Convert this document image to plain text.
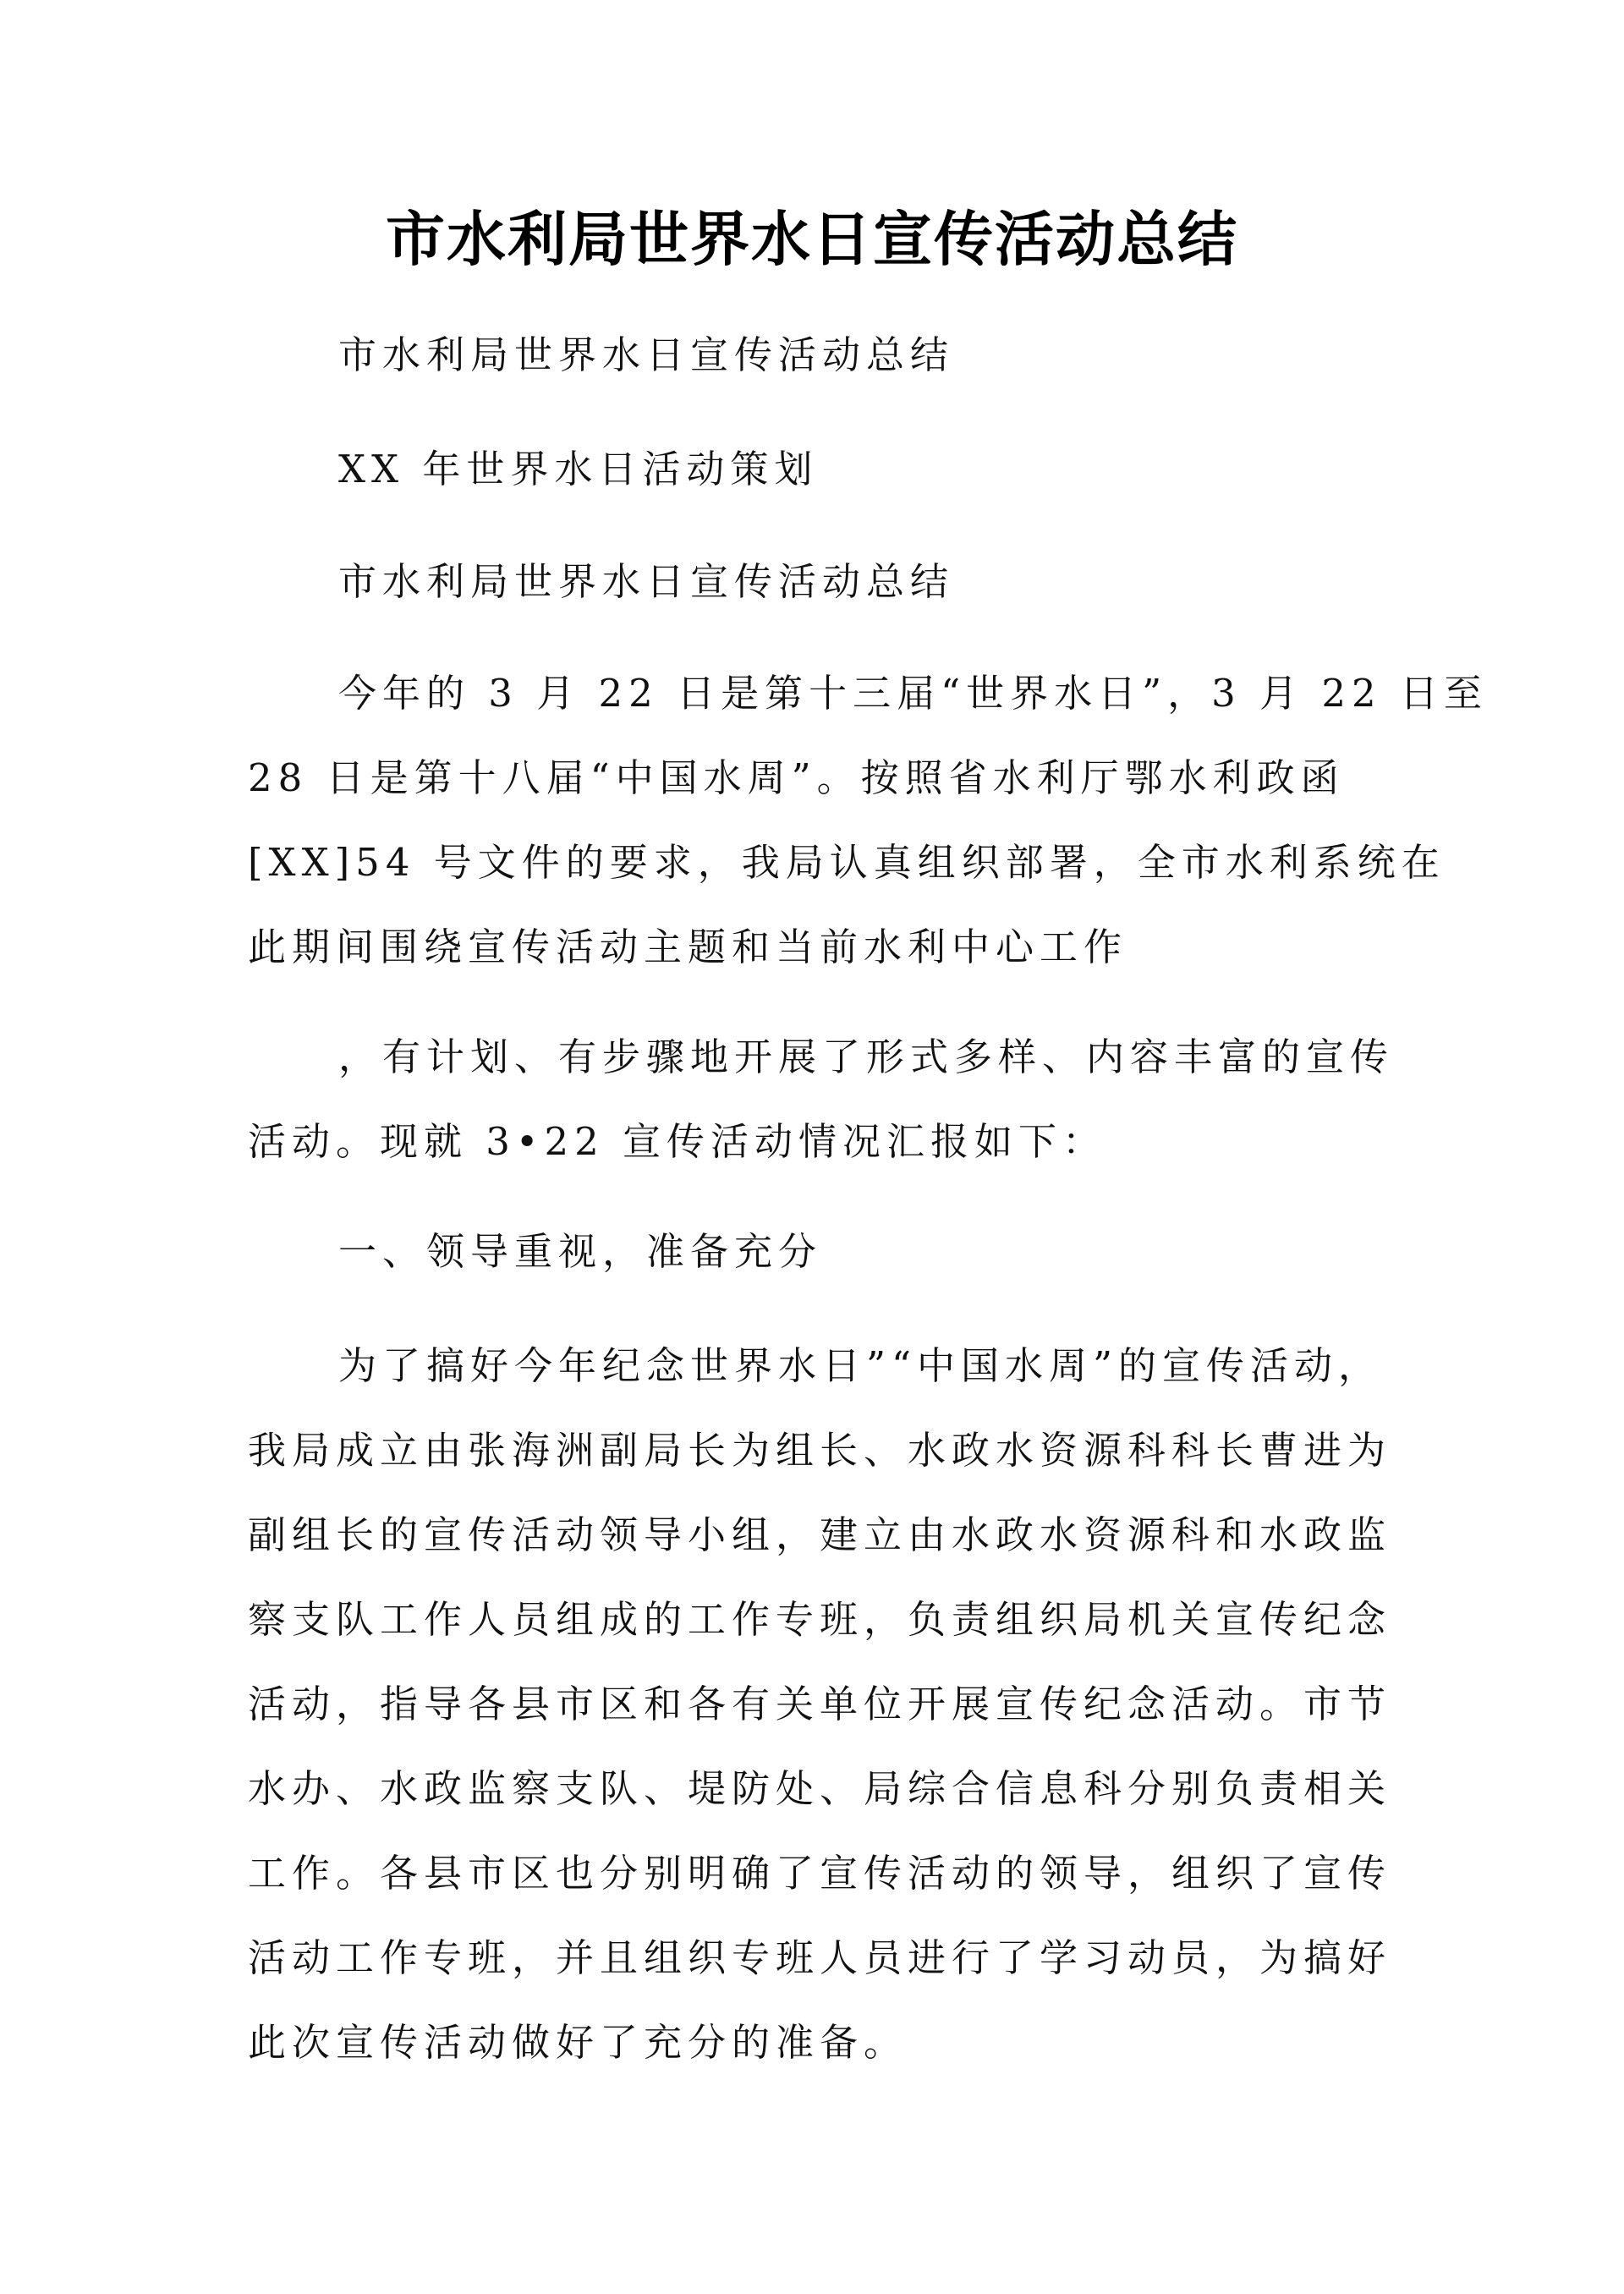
市水利局世界水日宣传活动总结
市水利局世界水日宣传活动总结
XX 年世界水日活动策划
市水利局世界水日宣传活动总结
今年的 3 月 22 日是第十三届“世界水日”，3 月 22 日至
28 日是第十八届“中国水周”。按照省水利厅鄂水利政函
[XX]54 号文件的要求，我局认真组织部署，全市水利系统在
此期间围绕宣传活动主题和当前水利中心工作
，有计划、有步骤地开展了形式多样、内容丰富的宣传
活动。现就 3•22 宣传活动情况汇报如下：
一、领导重视，准备充分
为了搞好今年纪念世界水日”“中国水周”的宣传活动，
我局成立由张海洲副局长为组长、水政水资源科科长曹进为
副组长的宣传活动领导小组，建立由水政水资源科和水政监
察支队工作人员组成的工作专班，负责组织局机关宣传纪念
活动，指导各县市区和各有关单位开展宣传纪念活动。市节
水办、水政监察支队、堤防处、局综合信息科分别负责相关
工作。各县市区也分别明确了宣传活动的领导，组织了宣传
活动工作专班，并且组织专班人员进行了学习动员，为搞好
此次宣传活动做好了充分的准备。
